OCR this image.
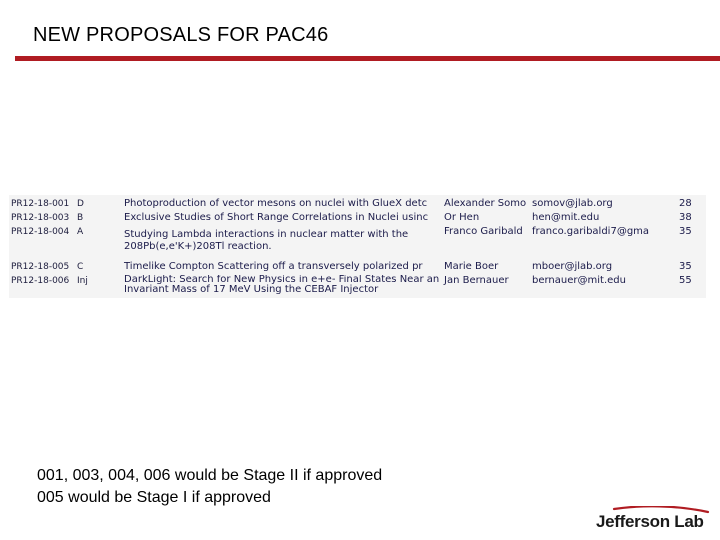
NEW PROPOSALS FOR PAC46

PR12-18-001	D	Photoproduction of vector mesons on nuclei with GlueX detc	Alexander Somo	somov@jlab.org	28
PR12-18-003	B	Exclusive Studies of Short Range Correlations in Nuclei usinc	Or Hen	hen@mit.edu	38
PR12-18-004	A	Studying Lambda interactions in nuclear matter with the 208Pb(e,e'K+)208Tl reaction.	Franco Garibald	franco.garibaldi7@gma	35

PR12-18-005	C	Timelike Compton Scattering off a transversely polarized pr	Marie Boer	mboer@jlab.org	35
PR12-18-006	Inj	DarkLight: Search for New Physics in e+e- Final States Near an Invariant Mass of 17 MeV Using the CEBAF Injector	Jan Bernauer	bernauer@mit.edu	55

001, 003, 004, 006 would be Stage II if approved

005 would be Stage I if approved

Jefferson Lab
